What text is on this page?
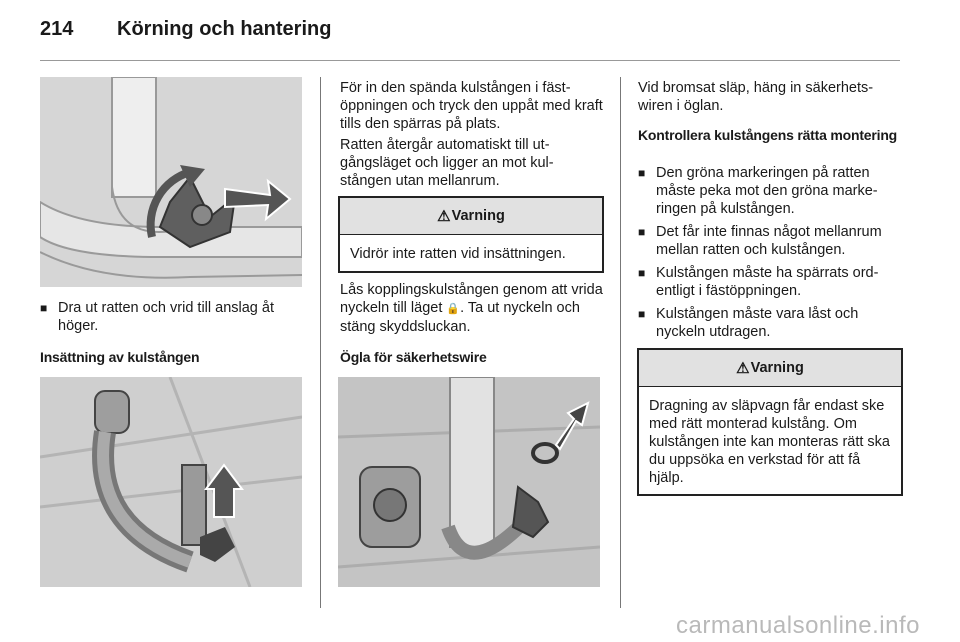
214 Körning och hantering

■ Dra ut ratten och vrid till anslag åt höger.

Insättning av kulstången
För in den spända kulstången i fäst-öppningen och tryck den uppåt med kraft tills den spärras på plats.
Ratten återgår automatiskt till ut-gångsläget och ligger an mot kul-stången utan mellanrum.
⚠ Varning
Vidrör inte ratten vid insättningen.
Lås kopplingskulstången genom att vrida nyckeln till läget 🔒. Ta ut nyckeln och stäng skyddsluckan.
Ögla för säkerhetswire
Vid bromsat släp, häng in säkerhets-wiren i öglan.
Kontrollera kulstångens rätta montering

■ Den gröna markeringen på ratten måste peka mot den gröna marke-ringen på kulstången.

■ Det får inte finnas något mellanrum mellan ratten och kulstången.

■ Kulstången måste ha spärrats ord-entligt i fästöppningen.

■ Kulstången måste vara låst och nyckeln utdragen.

⚠ Varning
Dragning av släpvagn får endast ske med rätt monterad kulstång. Om kulstången inte kan monteras rätt ska du uppsöka en verkstad för att få hjälp.
carmanualsonline.info
